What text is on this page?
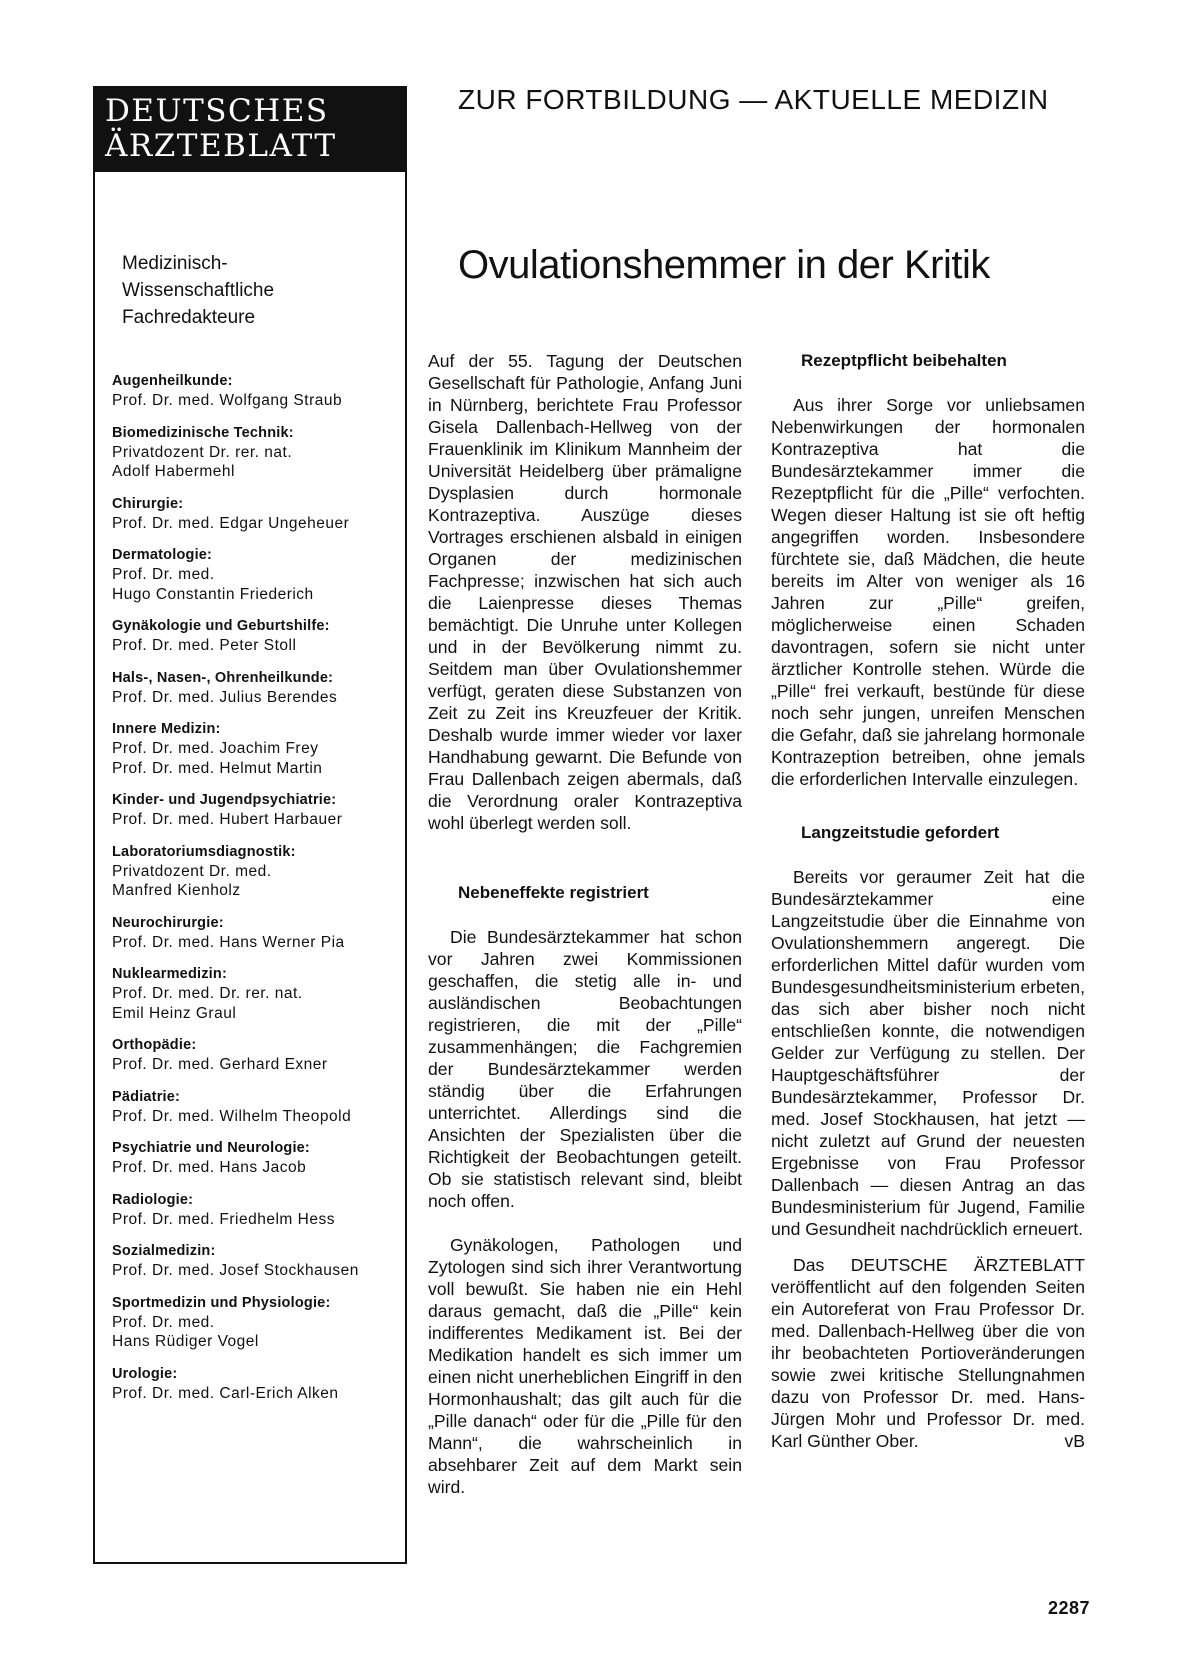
DEUTSCHES
ÄRZTEBLATT
Medizinisch-
Wissenschaftliche
Fachredakteure
Augenheilkunde:
Prof. Dr. med. Wolfgang Straub
Biomedizinische Technik:
Privatdozent Dr. rer. nat.
Adolf Habermehl
Chirurgie:
Prof. Dr. med. Edgar Ungeheuer
Dermatologie:
Prof. Dr. med.
Hugo Constantin Friederich
Gynäkologie und Geburtshilfe:
Prof. Dr. med. Peter Stoll
Hals-, Nasen-, Ohrenheilkunde:
Prof. Dr. med. Julius Berendes
Innere Medizin:
Prof. Dr. med. Joachim Frey
Prof. Dr. med. Helmut Martin
Kinder- und Jugendpsychiatrie:
Prof. Dr. med. Hubert Harbauer
Laboratoriumsdiagnostik:
Privatdozent Dr. med.
Manfred Kienholz
Neurochirurgie:
Prof. Dr. med. Hans Werner Pia
Nuklearmedizin:
Prof. Dr. med. Dr. rer. nat.
Emil Heinz Graul
Orthopädie:
Prof. Dr. med. Gerhard Exner
Pädiatrie:
Prof. Dr. med. Wilhelm Theopold
Psychiatrie und Neurologie:
Prof. Dr. med. Hans Jacob
Radiologie:
Prof. Dr. med. Friedhelm Hess
Sozialmedizin:
Prof. Dr. med. Josef Stockhausen
Sportmedizin und Physiologie:
Prof. Dr. med.
Hans Rüdiger Vogel
Urologie:
Prof. Dr. med. Carl-Erich Alken
ZUR FORTBILDUNG — AKTUELLE MEDIZIN
Ovulationshemmer in der Kritik
Auf der 55. Tagung der Deutschen Gesellschaft für Pathologie, Anfang Juni in Nürnberg, berichtete Frau Professor Gisela Dallenbach-Hellweg von der Frauenklinik im Klinikum Mannheim der Universität Heidelberg über prämaligne Dysplasien durch hormonale Kontrazeptiva. Auszüge dieses Vortrages erschienen alsbald in einigen Organen der medizinischen Fachpresse; inzwischen hat sich auch die Laienpresse dieses Themas bemächtigt. Die Unruhe unter Kollegen und in der Bevölkerung nimmt zu. Seitdem man über Ovulationshemmer verfügt, geraten diese Substanzen von Zeit zu Zeit ins Kreuzfeuer der Kritik. Deshalb wurde immer wieder vor laxer Handhabung gewarnt. Die Befunde von Frau Dallenbach zeigen abermals, daß die Verordnung oraler Kontrazeptiva wohl überlegt werden soll.
Nebeneffekte registriert
Die Bundesärztekammer hat schon vor Jahren zwei Kommissionen geschaffen, die stetig alle in- und ausländischen Beobachtungen registrieren, die mit der „Pille“ zusammenhängen; die Fachgremien der Bundesärztekammer werden ständig über die Erfahrungen unterrichtet. Allerdings sind die Ansichten der Spezialisten über die Richtigkeit der Beobachtungen geteilt. Ob sie statistisch relevant sind, bleibt noch offen.
Gynäkologen, Pathologen und Zytologen sind sich ihrer Verantwortung voll bewußt. Sie haben nie ein Hehl daraus gemacht, daß die „Pille“ kein indifferentes Medikament ist. Bei der Medikation handelt es sich immer um einen nicht unerheblichen Eingriff in den Hormonhaushalt; das gilt auch für die „Pille danach“ oder für die „Pille für den Mann“, die wahrscheinlich in absehbarer Zeit auf dem Markt sein wird.
Rezeptpflicht beibehalten
Aus ihrer Sorge vor unliebsamen Nebenwirkungen der hormonalen Kontrazeptiva hat die Bundesärztekammer immer die Rezeptpflicht für die „Pille“ verfochten. Wegen dieser Haltung ist sie oft heftig angegriffen worden. Insbesondere fürchtete sie, daß Mädchen, die heute bereits im Alter von weniger als 16 Jahren zur „Pille“ greifen, möglicherweise einen Schaden davontragen, sofern sie nicht unter ärztlicher Kontrolle stehen. Würde die „Pille“ frei verkauft, bestünde für diese noch sehr jungen, unreifen Menschen die Gefahr, daß sie jahrelang hormonale Kontrazeption betreiben, ohne jemals die erforderlichen Intervalle einzulegen.
Langzeitstudie gefordert
Bereits vor geraumer Zeit hat die Bundesärztekammer eine Langzeitstudie über die Einnahme von Ovulationshemmern angeregt. Die erforderlichen Mittel dafür wurden vom Bundesgesundheitsministerium erbeten, das sich aber bisher noch nicht entschließen konnte, die notwendigen Gelder zur Verfügung zu stellen. Der Hauptgeschäftsführer der Bundesärztekammer, Professor Dr. med. Josef Stockhausen, hat jetzt — nicht zuletzt auf Grund der neuesten Ergebnisse von Frau Professor Dallenbach — diesen Antrag an das Bundesministerium für Jugend, Familie und Gesundheit nachdrücklich erneuert.
Das DEUTSCHE ÄRZTEBLATT veröffentlicht auf den folgenden Seiten ein Autoreferat von Frau Professor Dr. med. Dallenbach-Hellweg über die von ihr beobachteten Portioveränderungen sowie zwei kritische Stellungnahmen dazu von Professor Dr. med. Hans-Jürgen Mohr und Professor Dr. med. Karl Günther Ober.	vB
2287
